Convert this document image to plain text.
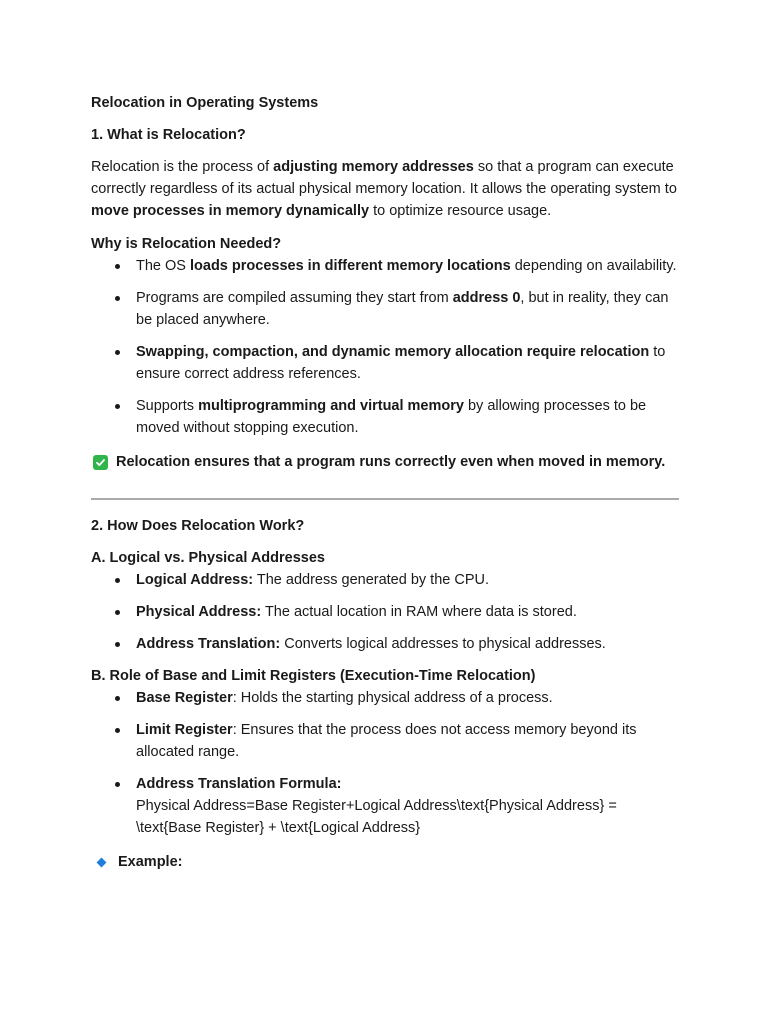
Relocation in Operating Systems

1. What is Relocation?

Relocation is the process of adjusting memory addresses so that a program can execute correctly regardless of its actual physical memory location. It allows the operating system to move processes in memory dynamically to optimize resource usage.

Why is Relocation Needed?

The OS loads processes in different memory locations depending on availability.
Programs are compiled assuming they start from address 0, but in reality, they can be placed anywhere.
Swapping, compaction, and dynamic memory allocation require relocation to ensure correct address references.
Supports multiprogramming and virtual memory by allowing processes to be moved without stopping execution.
Relocation ensures that a program runs correctly even when moved in memory.

2. How Does Relocation Work?

A. Logical vs. Physical Addresses

Logical Address: The address generated by the CPU.
Physical Address: The actual location in RAM where data is stored.
Address Translation: Converts logical addresses to physical addresses.

B. Role of Base and Limit Registers (Execution-Time Relocation)

Base Register: Holds the starting physical address of a process.
Limit Register: Ensures that the process does not access memory beyond its allocated range.
Address Translation Formula:
Physical Address=Base Register+Logical Address\text{Physical Address} = \text{Base Register} + \text{Logical Address}
Example:
